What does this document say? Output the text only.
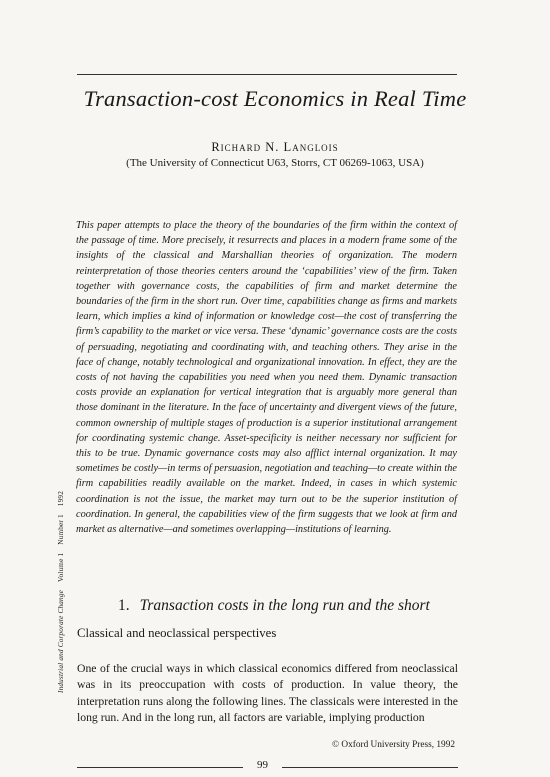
Transaction-cost Economics in Real Time
Richard N. Langlois
(The University of Connecticut U63, Storrs, CT 06269-1063, USA)

This paper attempts to place the theory of the boundaries of the firm within the context of the passage of time. More precisely, it resurrects and places in a modern frame some of the insights of the classical and Marshallian theories of organization. The modern reinterpretation of those theories centers around the ‘capabilities’ view of the firm. Taken together with governance costs, the capabilities of firm and market determine the boundaries of the firm in the short run. Over time, capabilities change as firms and markets learn, which implies a kind of information or knowledge cost—the cost of transferring the firm’s capability to the market or vice versa. These ‘dynamic’ governance costs are the costs of persuading, negotiating and coordinating with, and teaching others. They arise in the face of change, notably technological and organizational innovation. In effect, they are the costs of not having the capabilities you need when you need them. Dynamic transaction costs provide an explanation for vertical integration that is arguably more general than those dominant in the literature. In the face of uncertainty and divergent views of the future, common ownership of multiple stages of production is a superior institutional arrangement for coordinating systemic change. Asset-specificity is neither necessary nor sufficient for this to be true. Dynamic governance costs may also afflict internal organization. It may sometimes be costly—in terms of persuasion, negotiation and teaching—to create within the firm capabilities readily available on the market. Indeed, in cases in which systemic coordination is not the issue, the market may turn out to be the superior institution of coordination. In general, the capabilities view of the firm suggests that we look at firm and market as alternative—and sometimes overlapping—institutions of learning.

1. Transaction costs in the long run and the short
Classical and neoclassical perspectives

One of the crucial ways in which classical economics differed from neoclassical was in its preoccupation with costs of production. In value theory, the interpretation runs along the following lines. The classicals were interested in the long run. And in the long run, all factors are variable, implying production

© Oxford University Press, 1992
99
Industrial and Corporate ChangeVolume 1Number 11992
